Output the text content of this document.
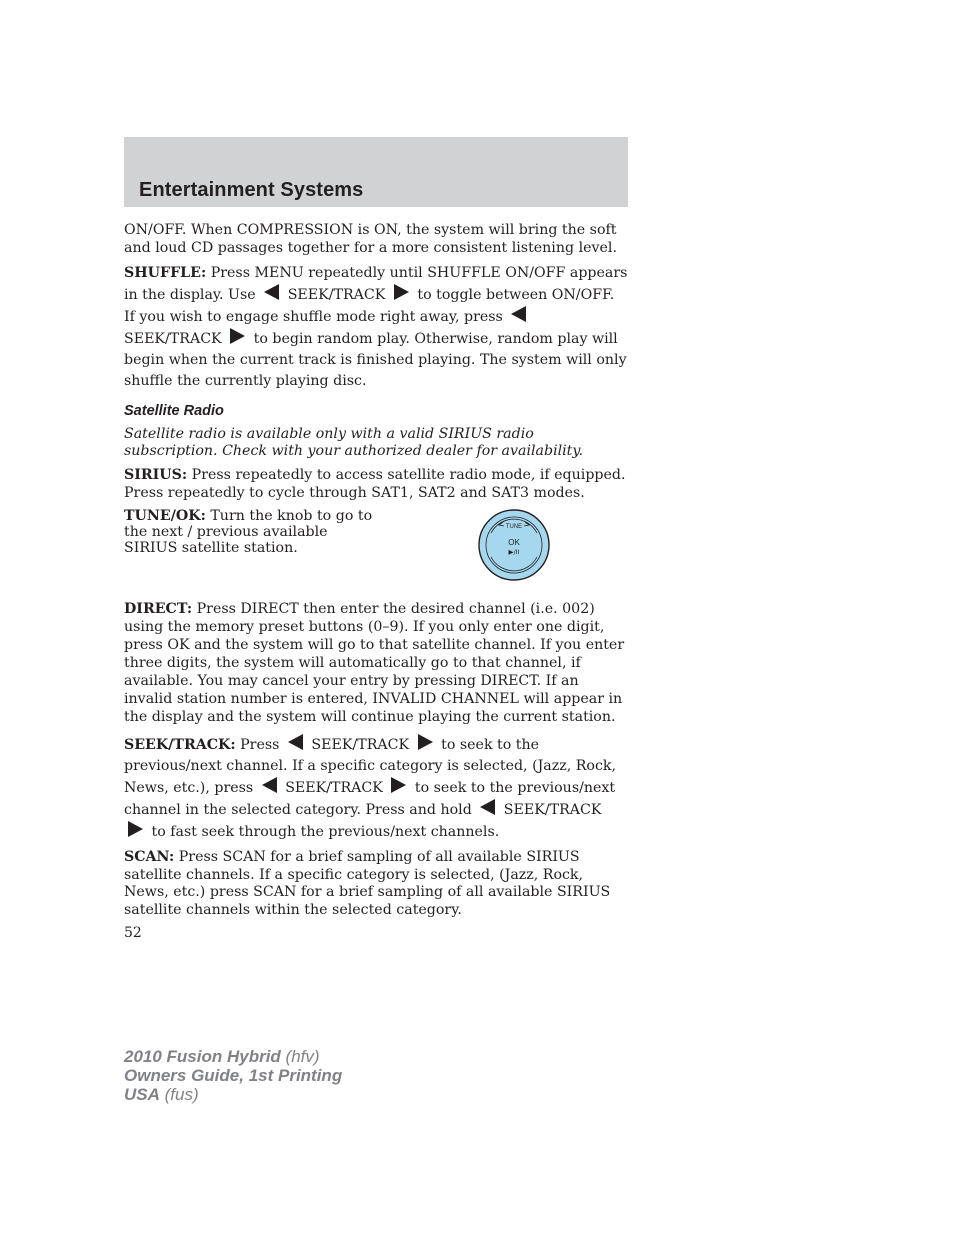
Entertainment Systems

ON/OFF. When COMPRESSION is ON, the system will bring the soft and loud CD passages together for a more consistent listening level.

SHUFFLE: Press MENU repeatedly until SHUFFLE ON/OFF appears in the display. Use  SEEK/TRACK  to toggle between ON/OFF. If you wish to engage shuffle mode right away, press  SEEK/TRACK  to begin random play. Otherwise, random play will begin when the current track is finished playing. The system will only shuffle the currently playing disc.

Satellite Radio

Satellite radio is available only with a valid SIRIUS radio subscription. Check with your authorized dealer for availability.

SIRIUS: Press repeatedly to access satellite radio mode, if equipped. Press repeatedly to cycle through SAT1, SAT2 and SAT3 modes.

TUNE/OK: Turn the knob to go to the next / previous available SIRIUS satellite station.
TUNE
OK
▶/II

DIRECT: Press DIRECT then enter the desired channel (i.e. 002) using the memory preset buttons (0–9). If you only enter one digit, press OK and the system will go to that satellite channel. If you enter three digits, the system will automatically go to that channel, if available. You may cancel your entry by pressing DIRECT. If an invalid station number is entered, INVALID CHANNEL will appear in the display and the system will continue playing the current station.

SEEK/TRACK: Press  SEEK/TRACK  to seek to the previous/next channel. If a specific category is selected, (Jazz, Rock, News, etc.), press  SEEK/TRACK  to seek to the previous/next channel in the selected category. Press and hold  SEEK/TRACK  to fast seek through the previous/next channels.

SCAN: Press SCAN for a brief sampling of all available SIRIUS satellite channels. If a specific category is selected, (Jazz, Rock, News, etc.) press SCAN for a brief sampling of all available SIRIUS satellite channels within the selected category.

52
2010 Fusion Hybrid (hfv)
Owners Guide, 1st Printing
USA (fus)
